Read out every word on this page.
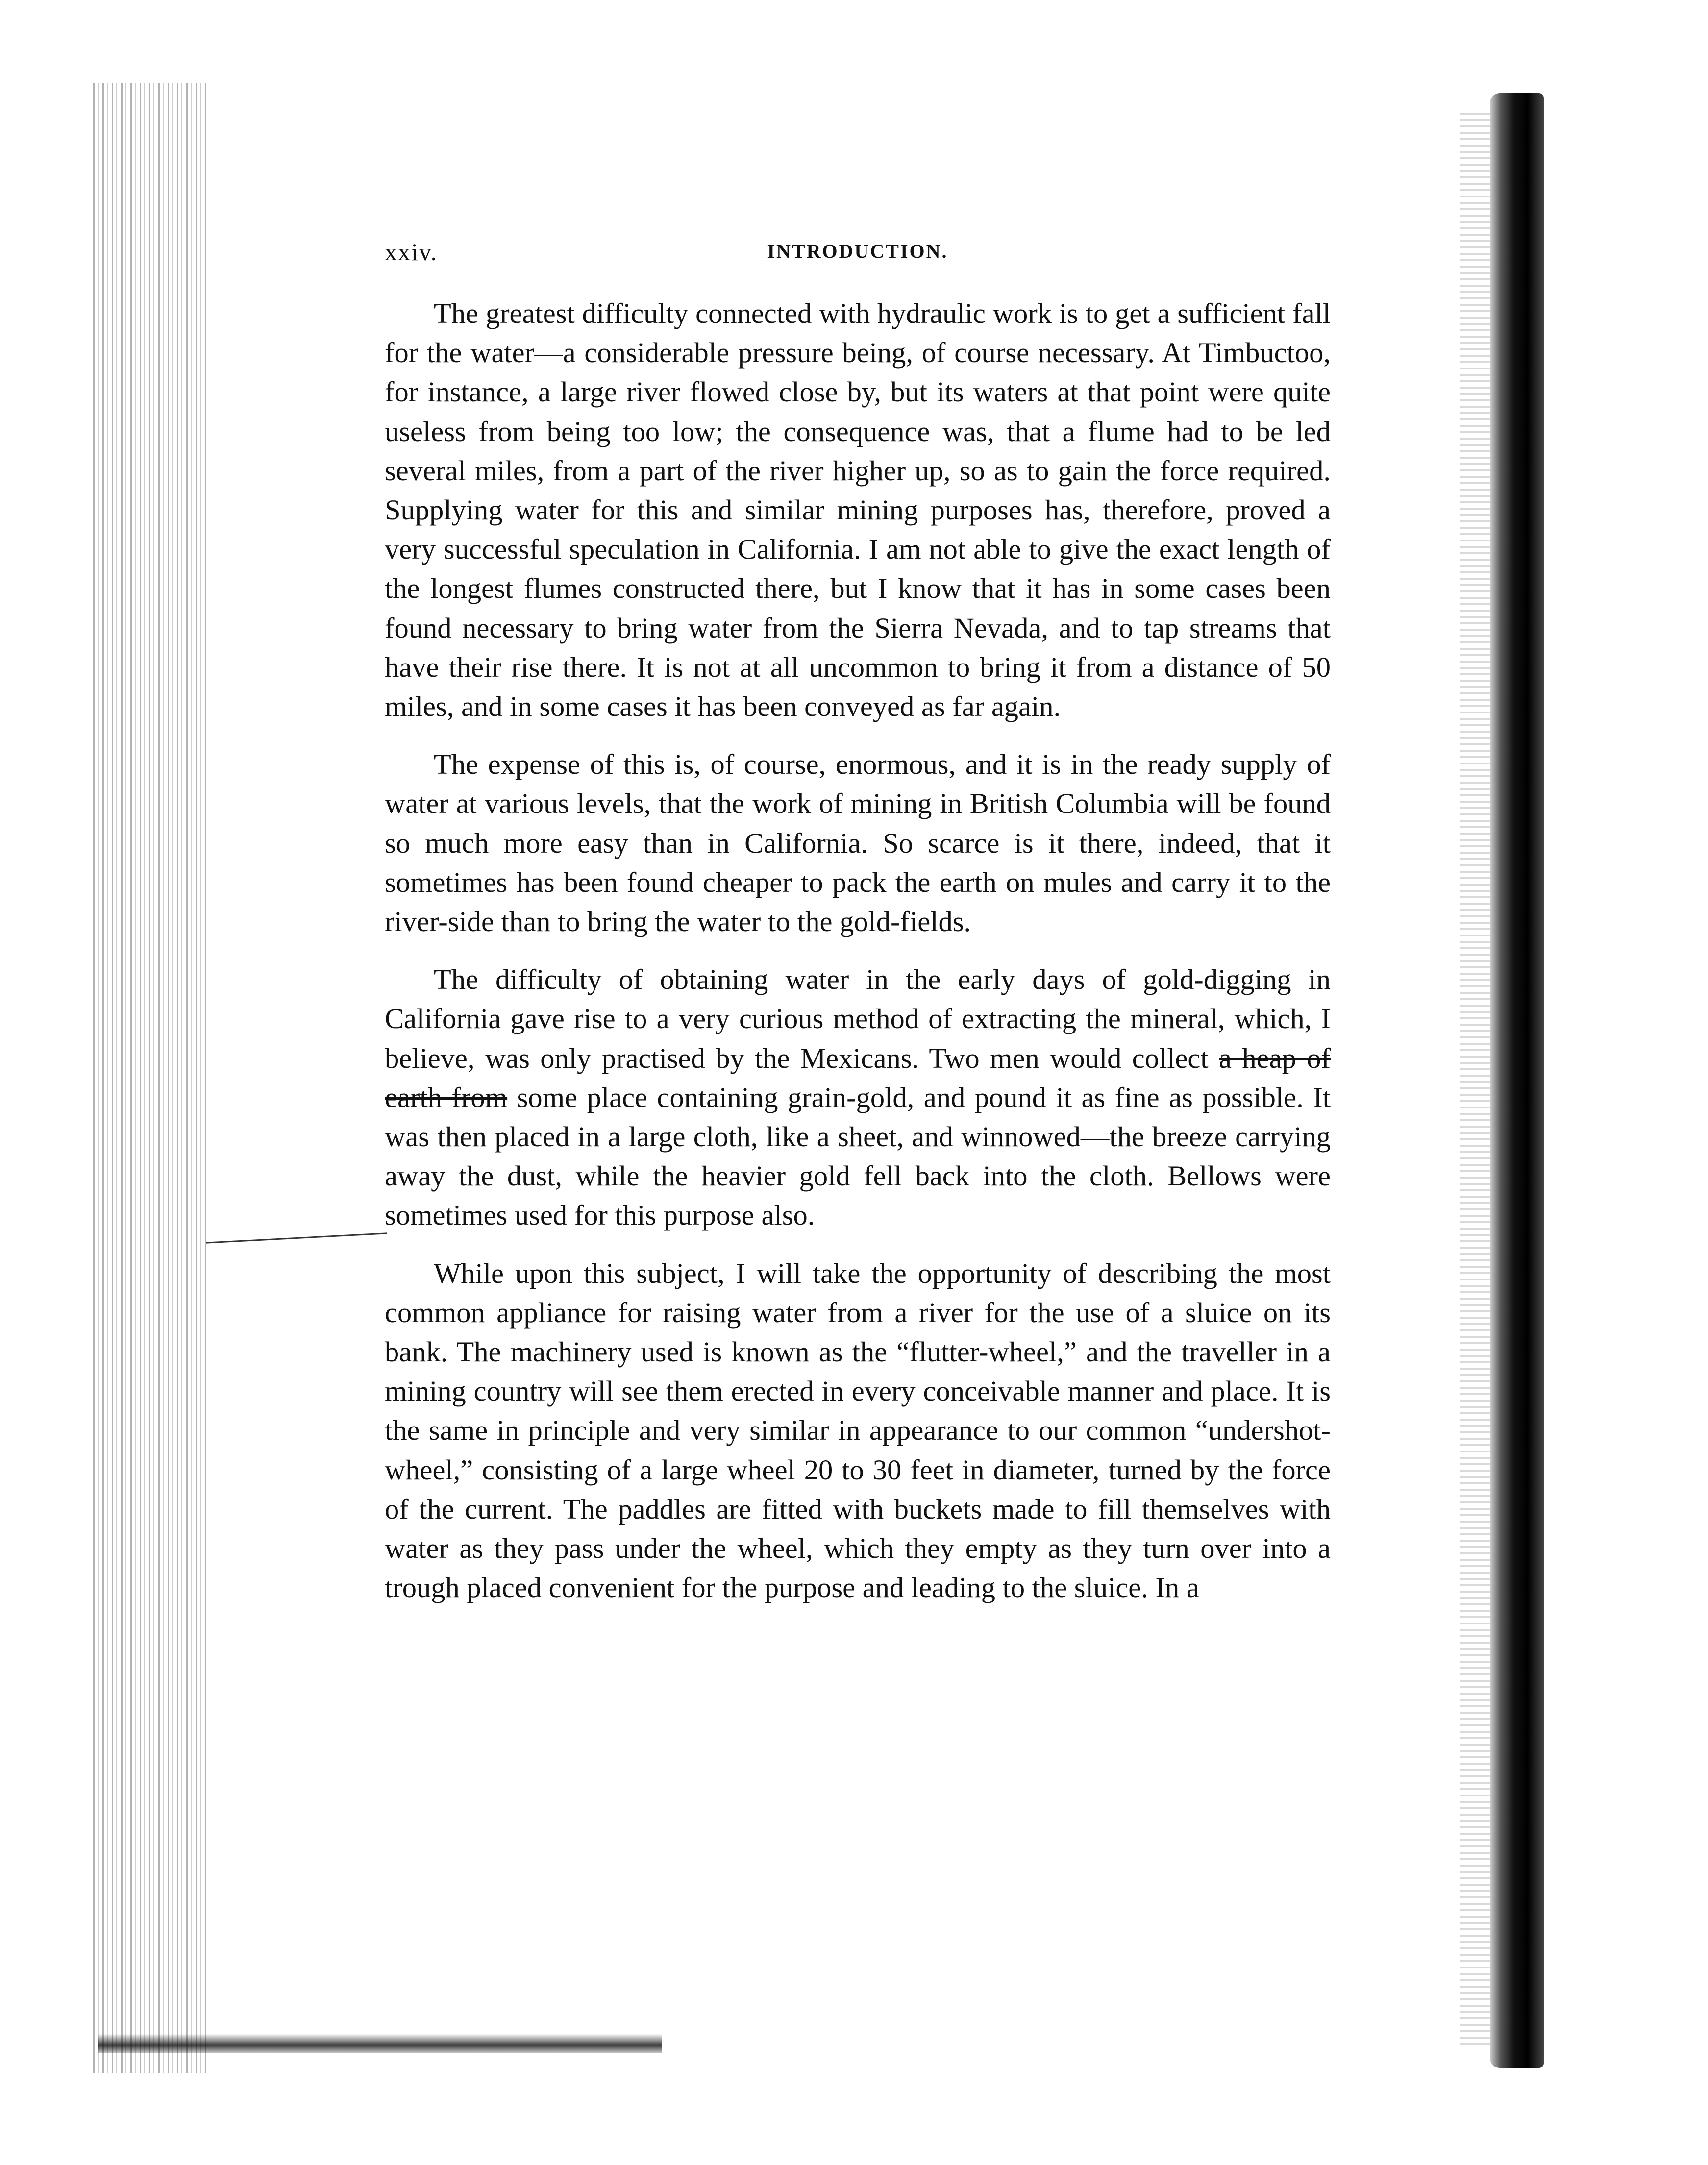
xxiv.	INTRODUCTION.

The greatest difficulty connected with hydraulic work is to get a sufficient fall for the water—a considerable pressure being, of course necessary. At Timbuctoo, for instance, a large river flowed close by, but its waters at that point were quite useless from being too low; the consequence was, that a flume had to be led several miles, from a part of the river higher up, so as to gain the force required. Supplying water for this and similar mining purposes has, therefore, proved a very successful speculation in California. I am not able to give the exact length of the longest flumes constructed there, but I know that it has in some cases been found necessary to bring water from the Sierra Nevada, and to tap streams that have their rise there. It is not at all uncommon to bring it from a distance of 50 miles, and in some cases it has been conveyed as far again.

The expense of this is, of course, enormous, and it is in the ready supply of water at various levels, that the work of mining in British Columbia will be found so much more easy than in California. So scarce is it there, indeed, that it sometimes has been found cheaper to pack the earth on mules and carry it to the river-side than to bring the water to the gold-fields.

The difficulty of obtaining water in the early days of gold-digging in California gave rise to a very curious method of extracting the mineral, which, I believe, was only practised by the Mexicans. Two men would collect a heap of earth from some place containing grain-gold, and pound it as fine as possible. It was then placed in a large cloth, like a sheet, and winnowed—the breeze carrying away the dust, while the heavier gold fell back into the cloth. Bellows were sometimes used for this purpose also.

While upon this subject, I will take the opportunity of describing the most common appliance for raising water from a river for the use of a sluice on its bank. The machinery used is known as the “flutter-wheel,” and the traveller in a mining country will see them erected in every conceivable manner and place. It is the same in principle and very similar in appearance to our common “undershot-wheel,” consisting of a large wheel 20 to 30 feet in diameter, turned by the force of the current. The paddles are fitted with buckets made to fill themselves with water as they pass under the wheel, which they empty as they turn over into a trough placed convenient for the purpose and leading to the sluice. In a
